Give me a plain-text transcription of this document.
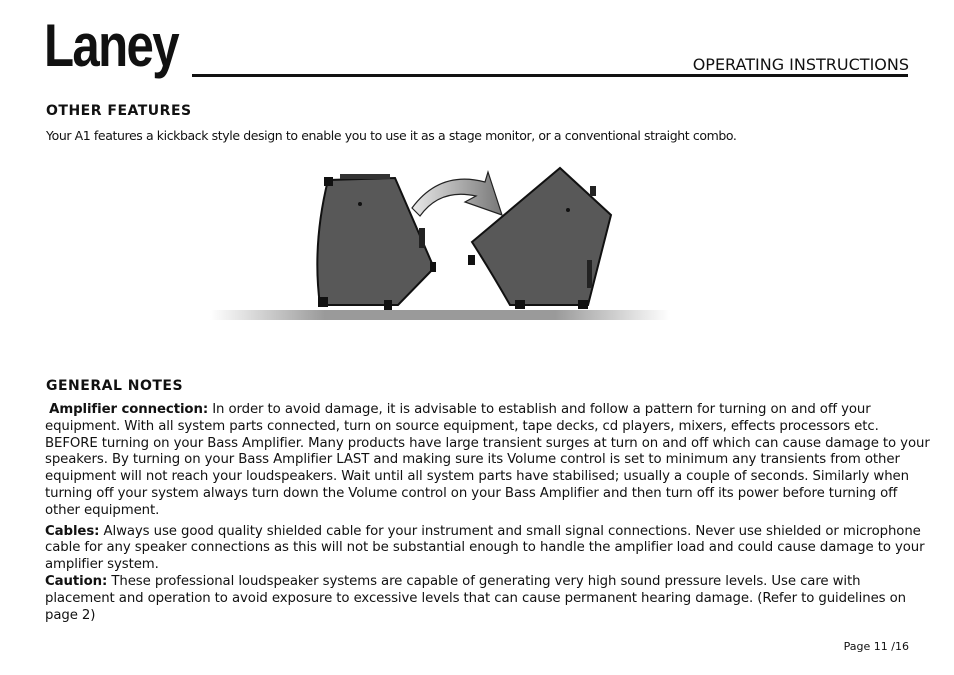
Laney	OPERATING INSTRUCTIONS
OTHER FEATURES
Your A1 features a kickback style design to enable you to use it as a stage monitor, or a conventional straight combo.
GENERAL NOTES

Amplifier connection: In order to avoid damage, it is advisable to establish and follow a pattern for turning on and off your equipment. With all system parts connected, turn on source equipment, tape decks, cd players, mixers, effects processors etc. BEFORE turning on your Bass Amplifier. Many products have large transient surges at turn on and off which can cause damage to your speakers. By turning on your Bass Amplifier LAST and making sure its Volume control is set to minimum any transients from other equipment will not reach your loudspeakers. Wait until all system parts have stabilised; usually a couple of seconds. Similarly when turning off your system always turn down the Volume control on your Bass Amplifier and then turn off its power before turning off other equipment.

Cables: Always use good quality shielded cable for your instrument and small signal connections. Never use shielded or microphone cable for any speaker connections as this will not be substantial enough to handle the amplifier load and could cause damage to your amplifier system.

Caution: These professional loudspeaker systems are capable of generating very high sound pressure levels. Use care with placement and operation to avoid exposure to excessive levels that can cause permanent hearing damage. (Refer to guidelines on page 2)

Page 11 /16
